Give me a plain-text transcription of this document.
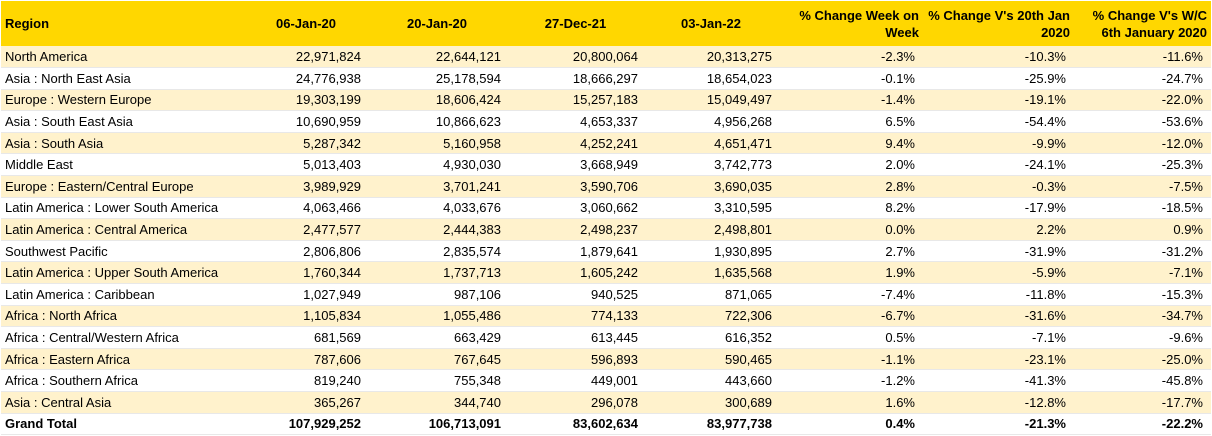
Region	06-Jan-20	20-Jan-20	27-Dec-21	03-Jan-22	% Change Week on Week	% Change V's 20th Jan 2020	% Change V's W/C 6th January 2020
North America	22,971,824	22,644,121	20,800,064	20,313,275	-2.3%	-10.3%	-11.6%
Asia : North East Asia	24,776,938	25,178,594	18,666,297	18,654,023	-0.1%	-25.9%	-24.7%
Europe : Western Europe	19,303,199	18,606,424	15,257,183	15,049,497	-1.4%	-19.1%	-22.0%
Asia : South East Asia	10,690,959	10,866,623	4,653,337	4,956,268	6.5%	-54.4%	-53.6%
Asia : South Asia	5,287,342	5,160,958	4,252,241	4,651,471	9.4%	-9.9%	-12.0%
Middle East	5,013,403	4,930,030	3,668,949	3,742,773	2.0%	-24.1%	-25.3%
Europe : Eastern/Central Europe	3,989,929	3,701,241	3,590,706	3,690,035	2.8%	-0.3%	-7.5%
Latin America : Lower South America	4,063,466	4,033,676	3,060,662	3,310,595	8.2%	-17.9%	-18.5%
Latin America : Central America	2,477,577	2,444,383	2,498,237	2,498,801	0.0%	2.2%	0.9%
Southwest Pacific	2,806,806	2,835,574	1,879,641	1,930,895	2.7%	-31.9%	-31.2%
Latin America : Upper South America	1,760,344	1,737,713	1,605,242	1,635,568	1.9%	-5.9%	-7.1%
Latin America : Caribbean	1,027,949	987,106	940,525	871,065	-7.4%	-11.8%	-15.3%
Africa : North Africa	1,105,834	1,055,486	774,133	722,306	-6.7%	-31.6%	-34.7%
Africa : Central/Western Africa	681,569	663,429	613,445	616,352	0.5%	-7.1%	-9.6%
Africa : Eastern Africa	787,606	767,645	596,893	590,465	-1.1%	-23.1%	-25.0%
Africa : Southern Africa	819,240	755,348	449,001	443,660	-1.2%	-41.3%	-45.8%
Asia : Central Asia	365,267	344,740	296,078	300,689	1.6%	-12.8%	-17.7%
Grand Total	107,929,252	106,713,091	83,602,634	83,977,738	0.4%	-21.3%	-22.2%
